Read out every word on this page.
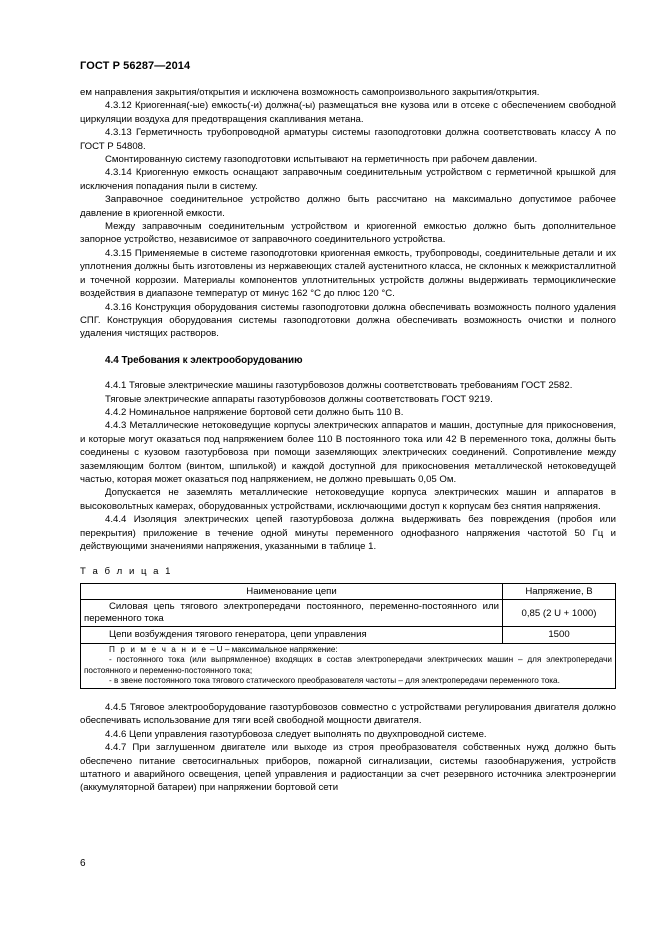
ГОСТ Р 56287—2014

ем направления закрытия/открытия и исключена возможность самопроизвольного закрытия/открытия.

4.3.12 Криогенная(-ые) емкость(-и) должна(-ы) размещаться вне кузова или в отсеке с обеспечением свободной циркуляции воздуха для предотвращения скапливания метана.

4.3.13 Герметичность трубопроводной арматуры системы газоподготовки должна соответствовать классу А по ГОСТ Р 54808.

Смонтированную систему газоподготовки испытывают на герметичность при рабочем давлении.

4.3.14 Криогенную емкость оснащают заправочным соединительным устройством с герметичной крышкой для исключения попадания пыли в систему.

Заправочное соединительное устройство должно быть рассчитано на максимально допустимое рабочее давление в криогенной емкости.

Между заправочным соединительным устройством и криогенной емкостью должно быть дополнительное запорное устройство, независимое от заправочного соединительного устройства.

4.3.15 Применяемые в системе газоподготовки криогенная емкость, трубопроводы, соединительные детали и их уплотнения должны быть изготовлены из нержавеющих сталей аустенитного класса, не склонных к межкристаллитной и точечной коррозии. Материалы компонентов уплотнительных устройств должны выдерживать термоциклические воздействия в диапазоне температур от минус 162 °С до плюс 120 °С.

4.3.16 Конструкция оборудования системы газоподготовки должна обеспечивать возможность полного удаления СПГ. Конструкция оборудования системы газоподготовки должна обеспечивать возможность очистки и полного удаления чистящих растворов.

4.4 Требования к электрооборудованию

4.4.1 Тяговые электрические машины газотурбовозов должны соответствовать требованиям ГОСТ 2582.

Тяговые электрические аппараты газотурбовозов должны соответствовать ГОСТ 9219.

4.4.2 Номинальное напряжение бортовой сети должно быть 110 В.

4.4.3 Металлические нетоковедущие корпусы электрических аппаратов и машин, доступные для прикосновения, и которые могут оказаться под напряжением более 110 В постоянного тока или 42 В переменного тока, должны быть соединены с кузовом газотурбовоза при помощи заземляющих электрических соединений. Сопротивление между заземляющим болтом (винтом, шпилькой) и каждой доступной для прикосновения металлической нетоковедущей частью, которая может оказаться под напряжением, не должно превышать 0,05 Ом.

Допускается не заземлять металлические нетоковедущие корпуса электрических машин и аппаратов в высоковольтных камерах, оборудованных устройствами, исключающими доступ к корпусам без снятия напряжения.

4.4.4 Изоляция электрических цепей газотурбовоза должна выдерживать без повреждения (пробоя или перекрытия) приложение в течение одной минуты переменного однофазного напряжения частотой 50 Гц и действующими значениями напряжения, указанными в таблице 1.

Т а б л и ц а 1
Наименование цепи	Напряжение, В
Силовая цепь тягового электропередачи постоянного, переменно-постоянного или переменного тока	0,85 (2 U + 1000)
Цепи возбуждения тягового генератора, цепи управления	1500

П р и м е ч а н и е – U – максимальное напряжение:
- постоянного тока (или выпрямленное) входящих в состав электропередачи электрических машин – для электропередачи постоянного и переменно-постоянного тока;
- в звене постоянного тока тягового статического преобразователя частоты – для электропередачи переменного тока.	

4.4.5 Тяговое электрооборудование газотурбовозов совместно с устройствами регулирования двигателя должно обеспечивать использование для тяги всей свободной мощности двигателя.

4.4.6 Цепи управления газотурбовоза следует выполнять по двухпроводной системе.

4.4.7 При заглушенном двигателе или выходе из строя преобразователя собственных нужд должно быть обеспечено питание светосигнальных приборов, пожарной сигнализации, системы газообнаружения, устройств штатного и аварийного освещения, цепей управления и радиостанции за счет резервного источника электроэнергии (аккумуляторной батареи) при напряжении бортовой сети

6
